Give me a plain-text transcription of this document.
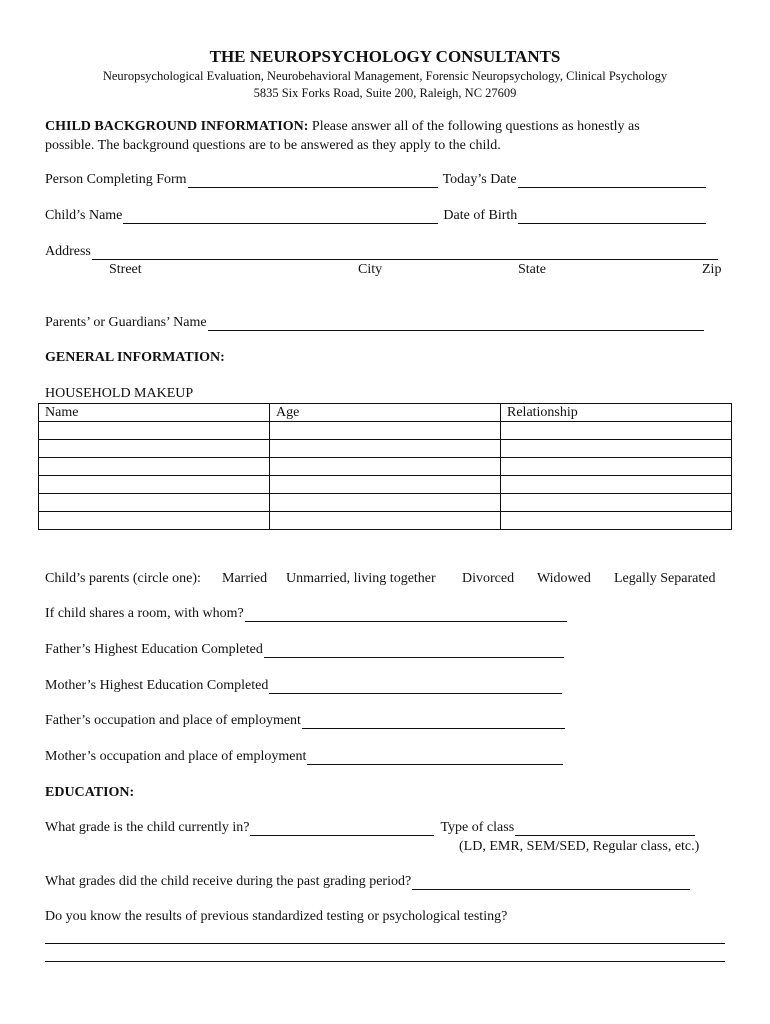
THE NEUROPSYCHOLOGY CONSULTANTS
Neuropsychological Evaluation, Neurobehavioral Management, Forensic Neuropsychology, Clinical Psychology
5835 Six Forks Road, Suite 200, Raleigh, NC 27609
CHILD BACKGROUND INFORMATION: Please answer all of the following questions as honestly as
possible. The background questions are to be answered as they apply to the child.
Person Completing Form	Today’s Date
Child’s Name	Date of Birth
Address
Street	City	State	Zip
Parents’ or Guardians’ Name
GENERAL INFORMATION:
HOUSEHOLD MAKEUP
Name	Age	Relationship

Child’s parents (circle one): Married Unmarried, living together Divorced Widowed Legally Separated
If child shares a room, with whom?
Father’s Highest Education Completed
Mother’s Highest Education Completed
Father’s occupation and place of employment
Mother’s occupation and place of employment
EDUCATION:
What grade is the child currently in?	Type of class
(LD, EMR, SEM/SED, Regular class, etc.)
What grades did the child receive during the past grading period?
Do you know the results of previous standardized testing or psychological testing?
